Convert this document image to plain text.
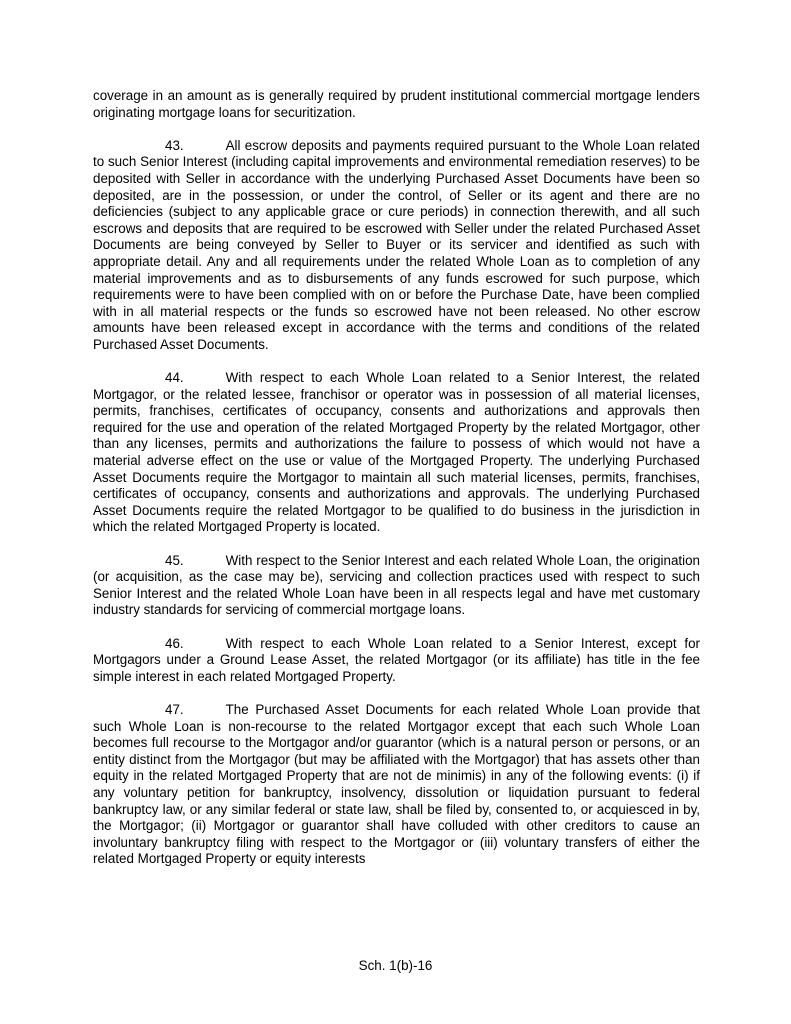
coverage in an amount as is generally required by prudent institutional commercial mortgage lenders originating mortgage loans for securitization.

43.	All escrow deposits and payments required pursuant to the Whole Loan related to such Senior Interest (including capital improvements and environmental remediation reserves) to be deposited with Seller in accordance with the underlying Purchased Asset Documents have been so deposited, are in the possession, or under the control, of Seller or its agent and there are no deficiencies (subject to any applicable grace or cure periods) in connection therewith, and all such escrows and deposits that are required to be escrowed with Seller under the related Purchased Asset Documents are being conveyed by Seller to Buyer or its servicer and identified as such with appropriate detail. Any and all requirements under the related Whole Loan as to completion of any material improvements and as to disbursements of any funds escrowed for such purpose, which requirements were to have been complied with on or before the Purchase Date, have been complied with in all material respects or the funds so escrowed have not been released. No other escrow amounts have been released except in accordance with the terms and conditions of the related Purchased Asset Documents.

44.	With respect to each Whole Loan related to a Senior Interest, the related Mortgagor, or the related lessee, franchisor or operator was in possession of all material licenses, permits, franchises, certificates of occupancy, consents and authorizations and approvals then required for the use and operation of the related Mortgaged Property by the related Mortgagor, other than any licenses, permits and authorizations the failure to possess of which would not have a material adverse effect on the use or value of the Mortgaged Property. The underlying Purchased Asset Documents require the Mortgagor to maintain all such material licenses, permits, franchises, certificates of occupancy, consents and authorizations and approvals. The underlying Purchased Asset Documents require the related Mortgagor to be qualified to do business in the jurisdiction in which the related Mortgaged Property is located.

45.	With respect to the Senior Interest and each related Whole Loan, the origination (or acquisition, as the case may be), servicing and collection practices used with respect to such Senior Interest and the related Whole Loan have been in all respects legal and have met customary industry standards for servicing of commercial mortgage loans.

46.	With respect to each Whole Loan related to a Senior Interest, except for Mortgagors under a Ground Lease Asset, the related Mortgagor (or its affiliate) has title in the fee simple interest in each related Mortgaged Property.

47.	The Purchased Asset Documents for each related Whole Loan provide that such Whole Loan is non-recourse to the related Mortgagor except that each such Whole Loan becomes full recourse to the Mortgagor and/or guarantor (which is a natural person or persons, or an entity distinct from the Mortgagor (but may be affiliated with the Mortgagor) that has assets other than equity in the related Mortgaged Property that are not de minimis) in any of the following events: (i) if any voluntary petition for bankruptcy, insolvency, dissolution or liquidation pursuant to federal bankruptcy law, or any similar federal or state law, shall be filed by, consented to, or acquiesced in by, the Mortgagor; (ii) Mortgagor or guarantor shall have colluded with other creditors to cause an involuntary bankruptcy filing with respect to the Mortgagor or (iii) voluntary transfers of either the related Mortgaged Property or equity interests

Sch. 1(b)-16
